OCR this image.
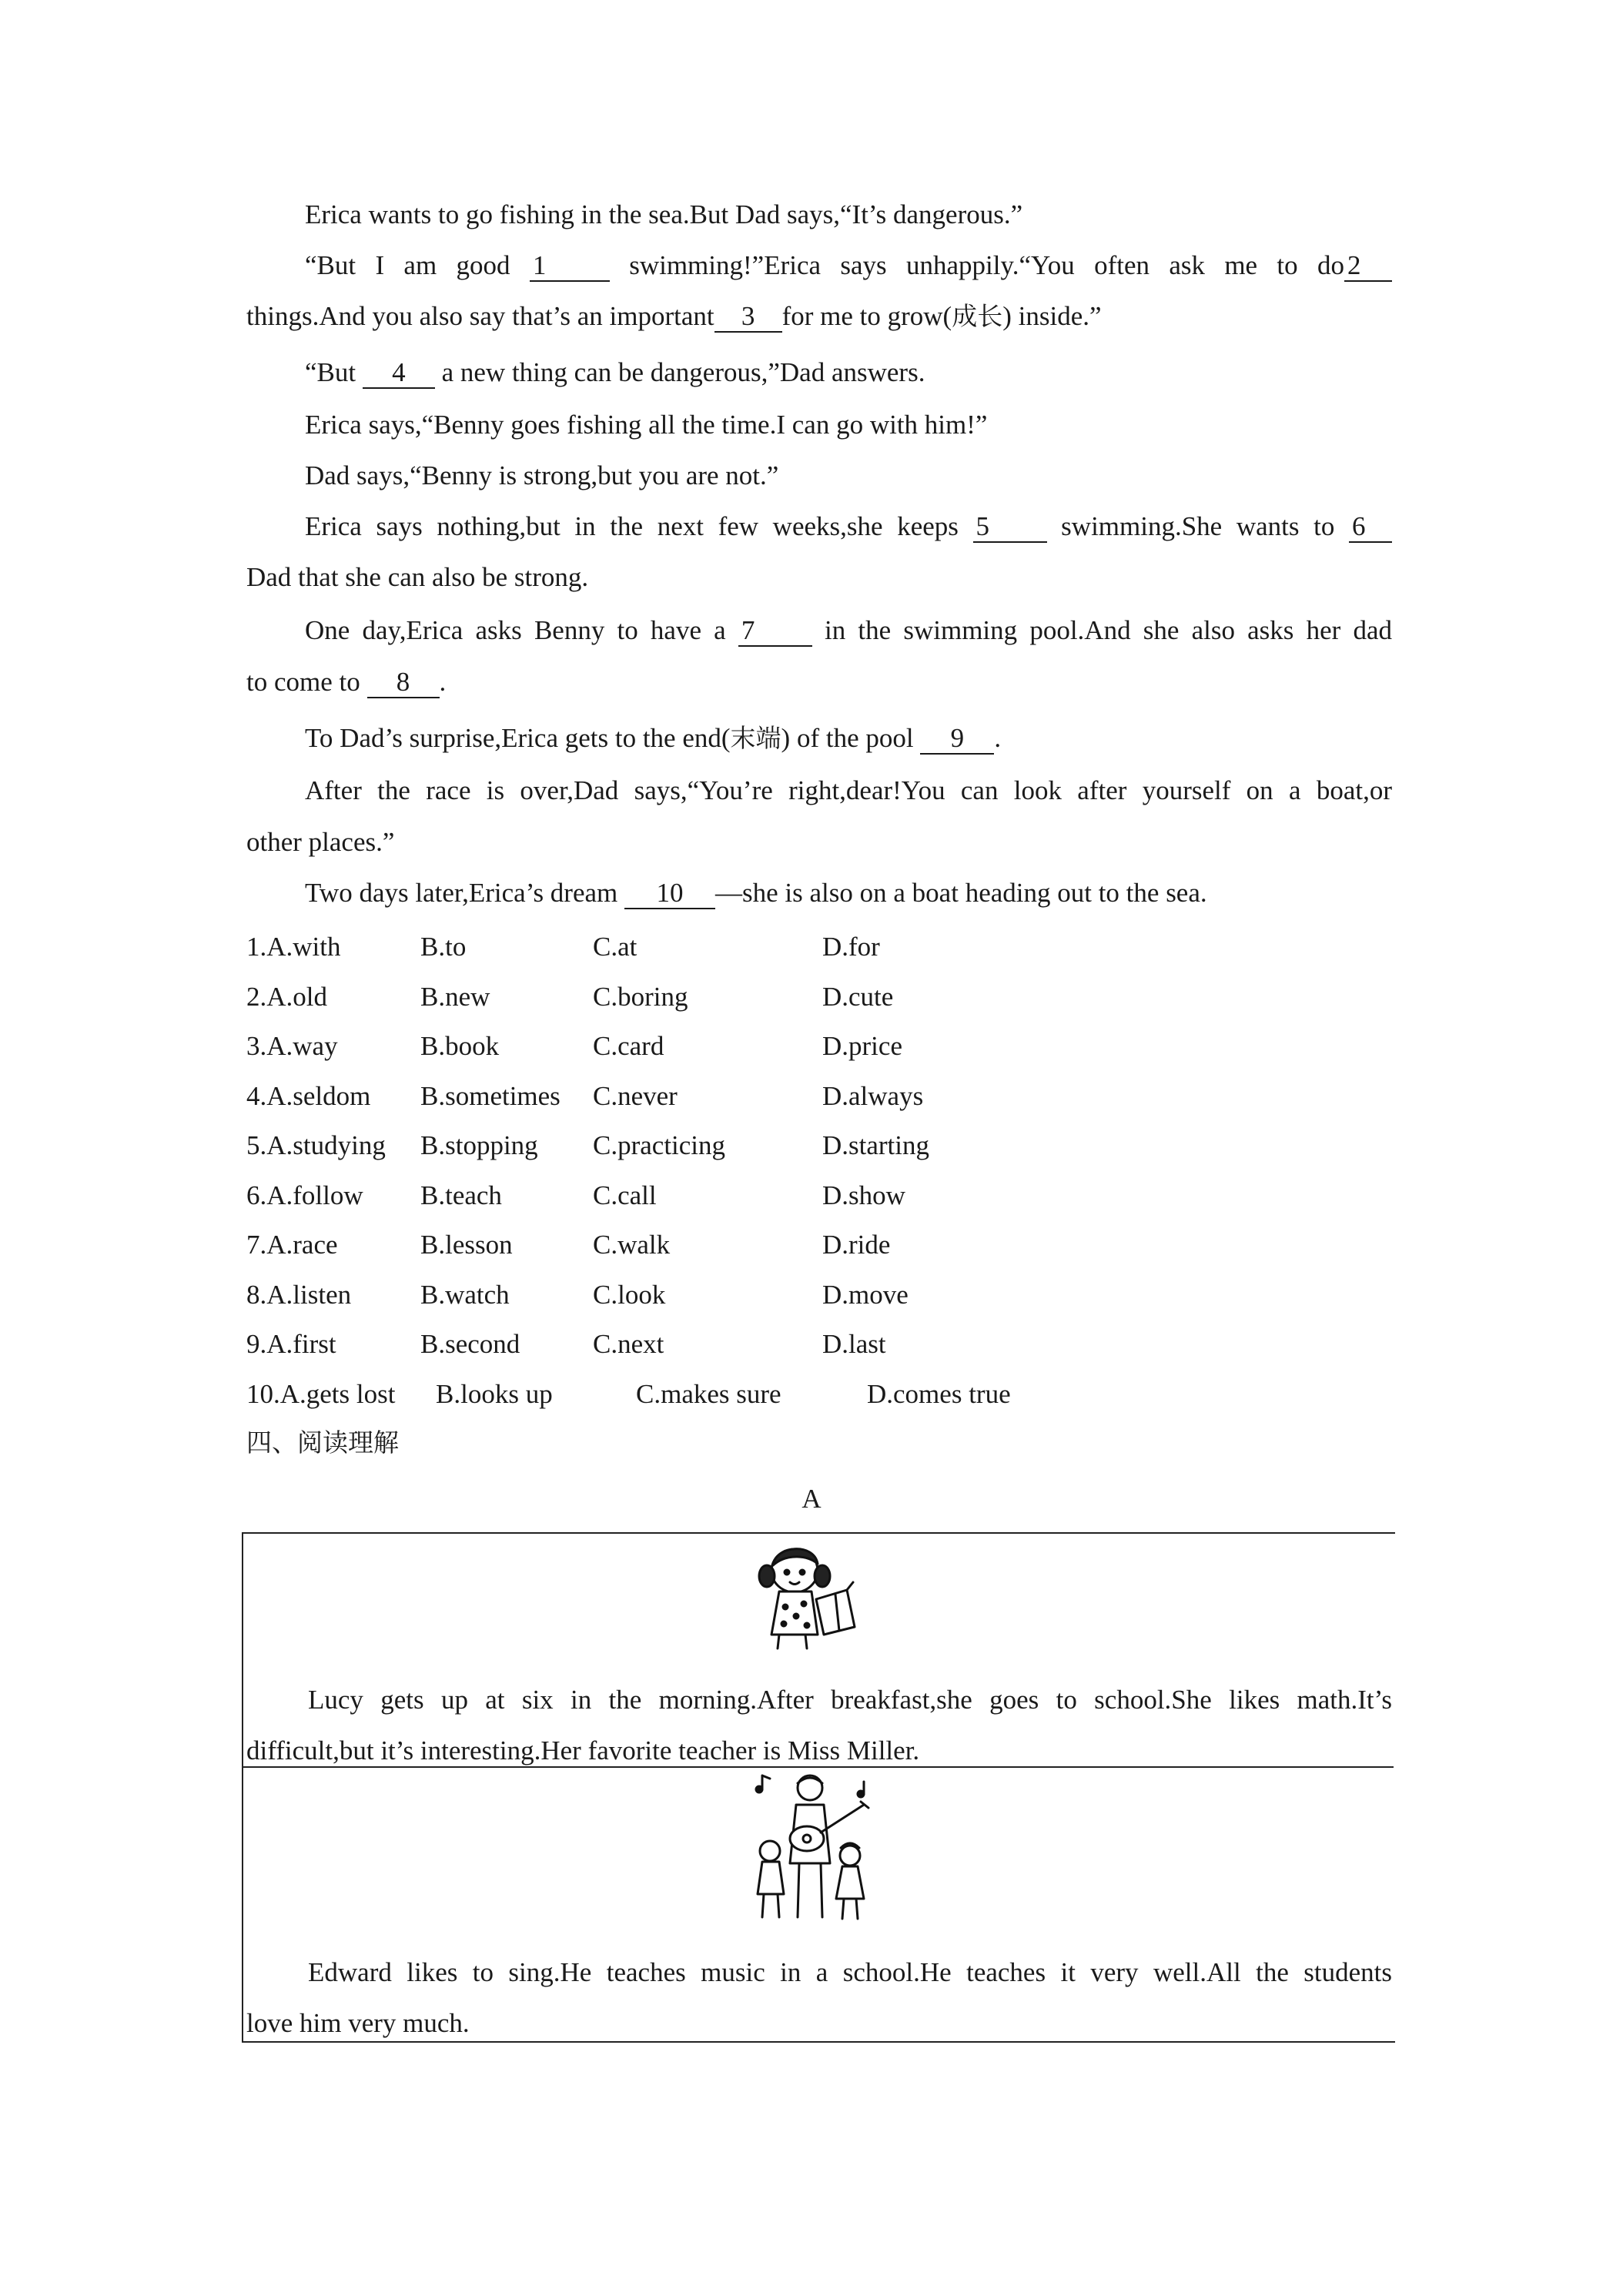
Erica wants to go fishing in the sea.But Dad says,“It’s dangerous.”
“But I am good 1 swimming!”Erica says unhappily.“You often ask me to do 2
things.And you also say that’s an important 3 for me to grow(成长) inside.”
“But 4 a new thing can be dangerous,”Dad answers.
Erica says,“Benny goes fishing all the time.I can go with him!”
Dad says,“Benny is strong,but you are not.”
Erica says nothing,but in the next few weeks,she keeps 5 swimming.She wants to 6
Dad that she can also be strong.
One day,Erica asks Benny to have a 7 in the swimming pool.And she also asks her dad
to come to 8 .
To Dad’s surprise,Erica gets to the end(末端) of the pool 9 .
After the race is over,Dad says,“You’re right,dear!You can look after yourself on a boat,or
other places.”
Two days later,Erica’s dream 10 —she is also on a boat heading out to the sea.
1.A.with	B.to	C.at	D.for
2.A.old	B.new	C.boring	D.cute
3.A.way	B.book	C.card	D.price
4.A.seldom B.sometimes C.never	D.always
5.A.studying B.stopping C.practicing	D.starting
6.A.follow B.teach	C.call	D.show
7.A.race	B.lesson	C.walk	D.ride
8.A.listen	B.watch	C.look	D.move
9.A.first	B.second	C.next	D.last
10.A.gets lost B.looks up	C.makes sure	D.comes true
四、阅读理解
A
Lucy gets up at six in the morning.After breakfast,she goes to school.She likes math.It’s
difficult,but it’s interesting.Her favorite teacher is Miss Miller.
Edward likes to sing.He teaches music in a school.He teaches it very well.All the students
love him very much.
